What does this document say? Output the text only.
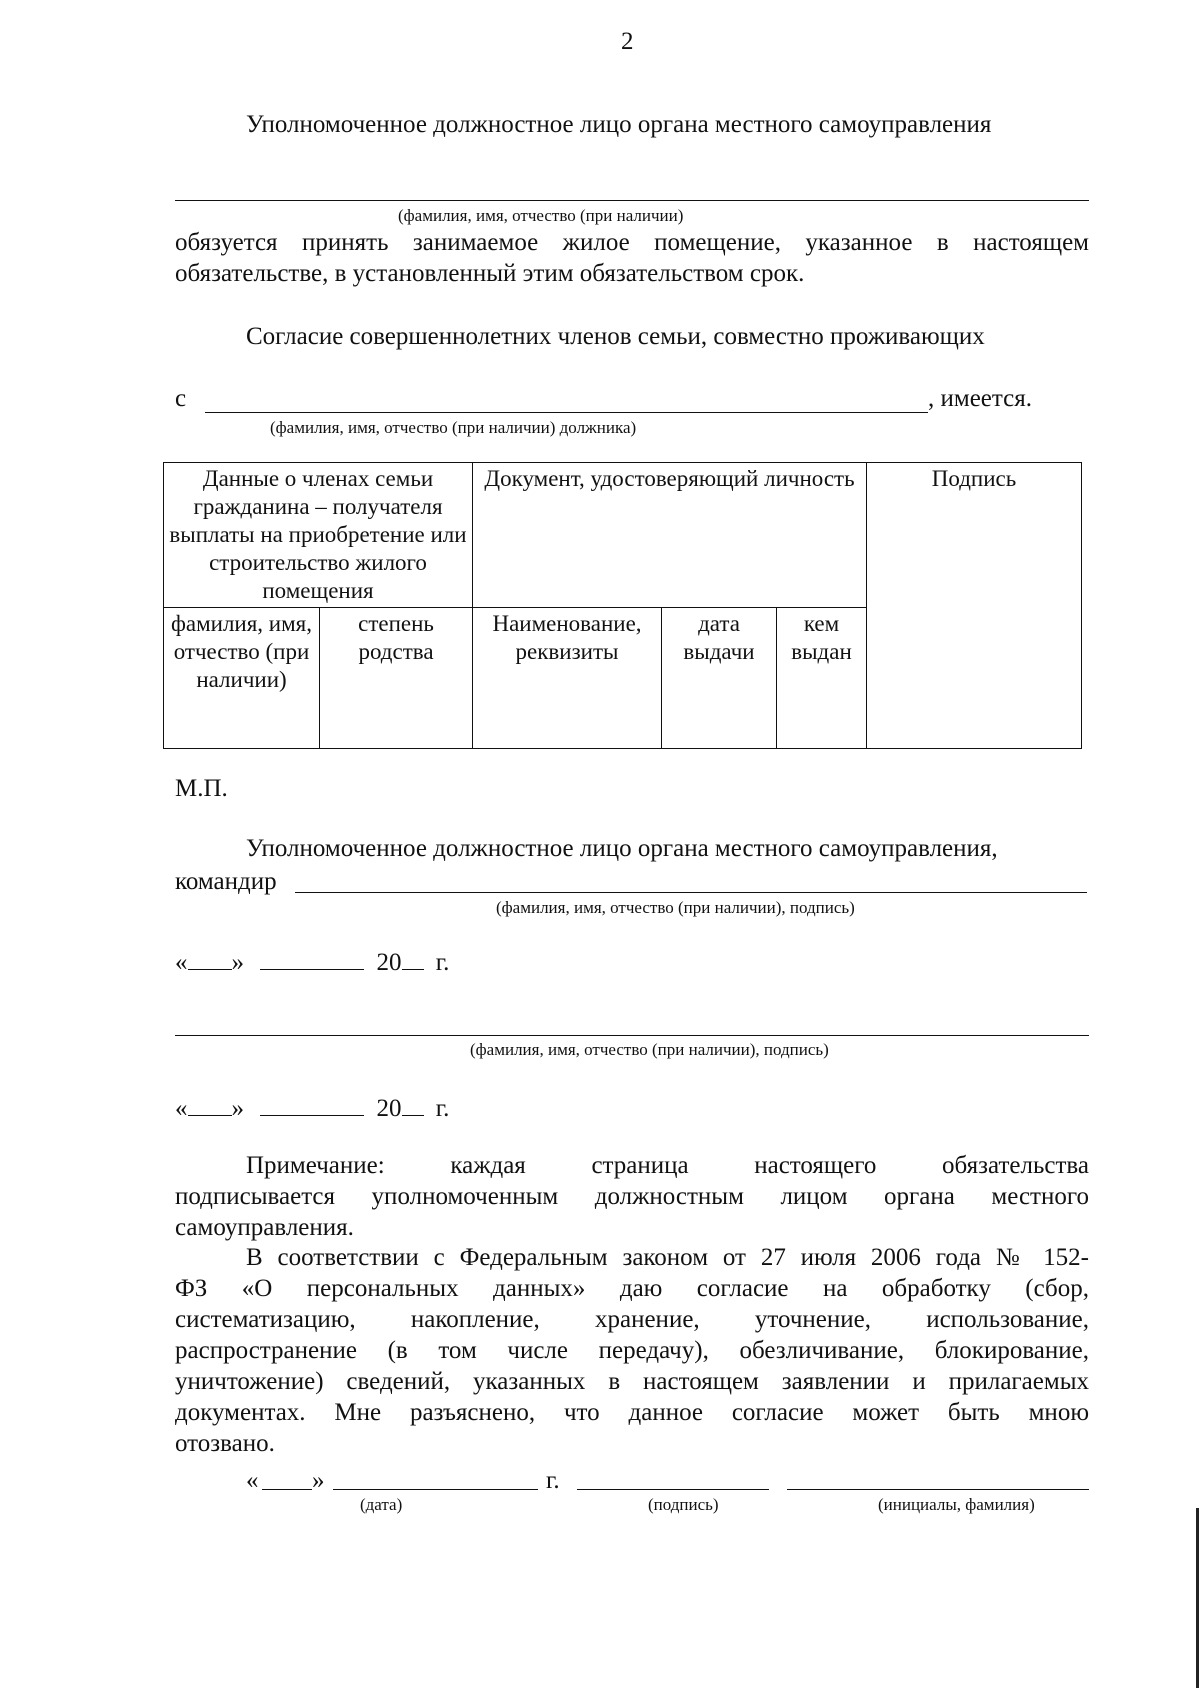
2
Уполномоченное должностное лицо органа местного самоуправления
(фамилия, имя, отчество (при наличии)
обязуется принять занимаемое жилое помещение, указанное в настоящем
обязательстве, в установленный этим обязательством срок.
Согласие совершеннолетних членов семьи, совместно проживающих
с	, имеется.
(фамилия, имя, отчество (при наличии) должника)
Данные о членах семьи гражданина – получателя выплаты на приобретение или строительство жилого помещения		Документ, удостоверяющий личность			Подпись
фамилия, имя, отчество (при наличии)	степень родства	Наименование, реквизиты	дата выдачи	кем выдан	
М.П.
Уполномоченное должностное лицо органа местного самоуправления,
командир
(фамилия, имя, отчество (при наличии), подпись)
« »	20 г.
(фамилия, имя, отчество (при наличии), подпись)
« »	20 г.
Примечание:	каждая	страница	настоящего	обязательства
подписывается уполномоченным должностным лицом органа местного
самоуправления.
В соответствии с Федеральным законом от 27 июля 2006 года № 152-
ФЗ «О персональных данных» даю согласие на обработку (сбор,
систематизацию, накопление, хранение, уточнение, использование,
распространение (в том числе передачу), обезличивание, блокирование,
уничтожение) сведений, указанных в настоящем заявлении и прилагаемых
документах. Мне разъяснено, что данное согласие может быть мною
отозвано.
« »	г.
(дата)	(подпись)	(инициалы, фамилия)
